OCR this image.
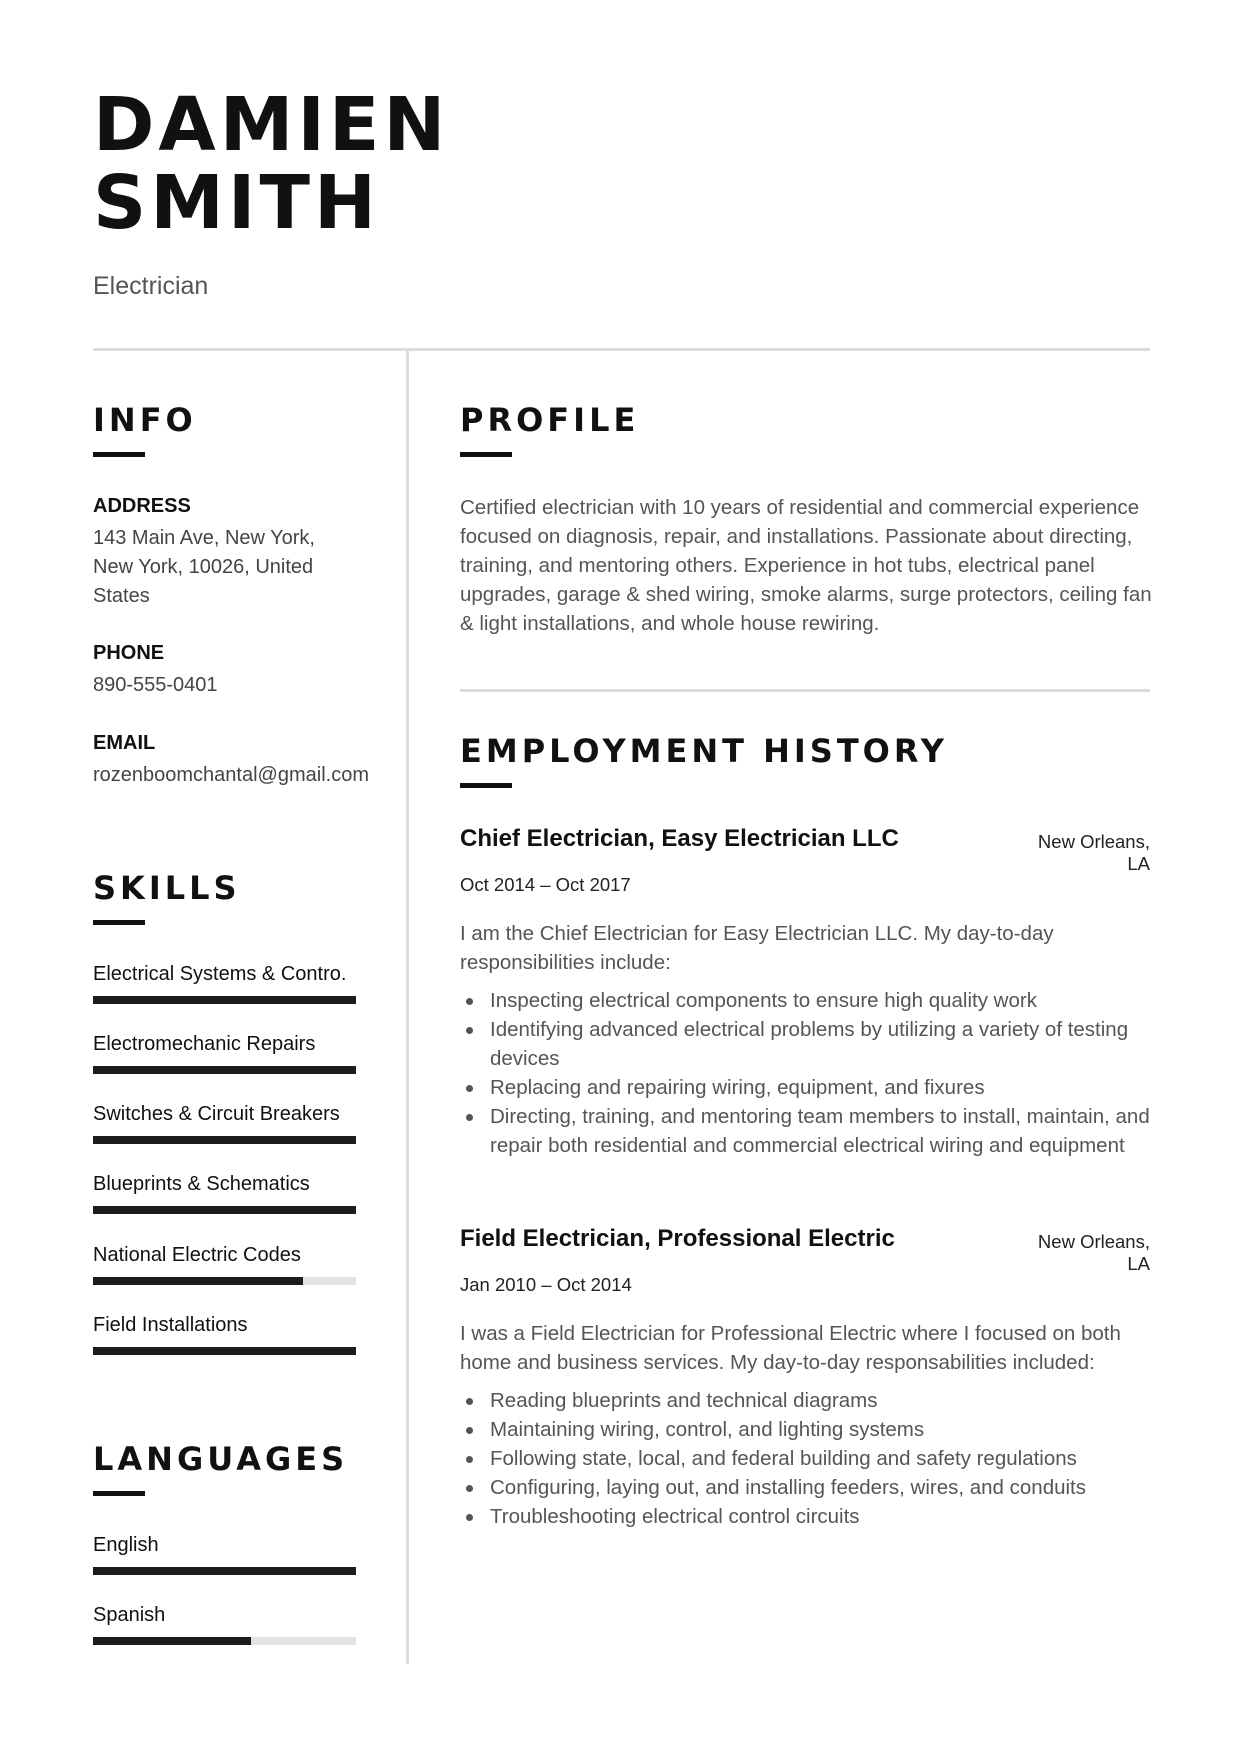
DAMIEN
SMITH
Electrician
INFO
ADDRESS
143 Main Ave, New York,
New York, 10026, United
States
PHONE
890-555-0401
EMAIL
rozenboomchantal@gmail.com
SKILLS
Electrical Systems & Contro.
Electromechanic Repairs
Switches & Circuit Breakers
Blueprints & Schematics
National Electric Codes
Field Installations
LANGUAGES
English
Spanish
PROFILE
Certified electrician with 10 years of residential and commercial experience focused on diagnosis, repair, and installations. Passionate about directing, training, and mentoring others. Experience in hot tubs, electrical panel upgrades, garage & shed wiring, smoke alarms, surge protectors, ceiling fan & light installations, and whole house rewiring.
EMPLOYMENT HISTORY
Chief Electrician, Easy Electrician LLC	New Orleans,
LA
Oct 2014 – Oct 2017
I am the Chief Electrician for Easy Electrician LLC. My day-to-day responsibilities include:
Inspecting electrical components to ensure high quality work
Identifying advanced electrical problems by utilizing a variety of testing devices
Replacing and repairing wiring, equipment, and fixures
Directing, training, and mentoring team members to install, maintain, and repair both residential and commercial electrical wiring and equipment
Field Electrician, Professional Electric	New Orleans,
LA
Jan 2010 – Oct 2014
I was a Field Electrician for Professional Electric where I focused on both home and business services. My day-to-day responsabilities included:
Reading blueprints and technical diagrams
Maintaining wiring, control, and lighting systems
Following state, local, and federal building and safety regulations
Configuring, laying out, and installing feeders, wires, and conduits
Troubleshooting electrical control circuits
